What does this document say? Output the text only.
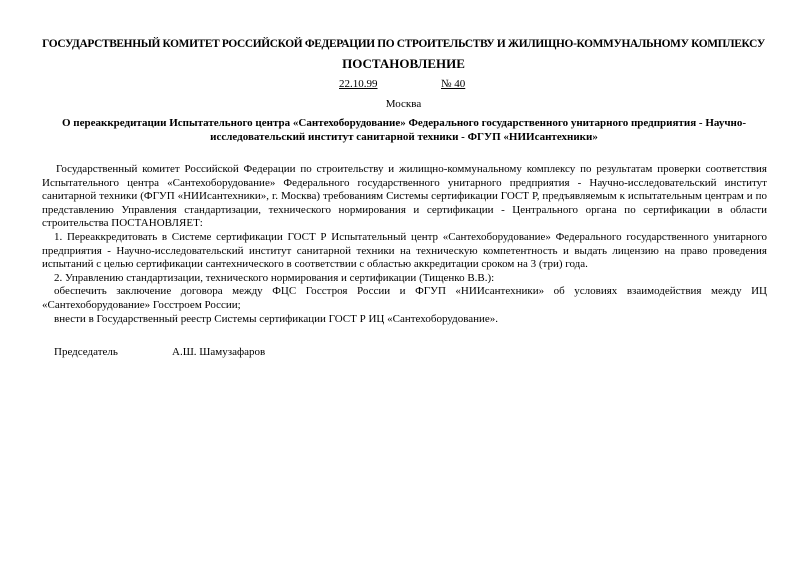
ГОСУДАРСТВЕННЫЙ КОМИТЕТ РОССИЙСКОЙ ФЕДЕРАЦИИ ПО СТРОИТЕЛЬСТВУ И ЖИЛИЩНО-КОММУНАЛЬНОМУ КОМПЛЕКСУ
ПОСТАНОВЛЕНИЕ
22.10.99	№ 40
Москва
О переаккредитации Испытательного центра «Сантехоборудование» Федерального государственного унитарного предприятия - Научно-исследовательский институт санитарной техники - ФГУП «НИИсантехники»

Государственный комитет Российской Федерации по строительству и жилищно-коммунальному комплексу по результатам проверки соответствия Испытательного центра «Сантехоборудование» Федерального государственного унитарного предприятия - Научно-исследовательский институт санитарной техники (ФГУП «НИИсантехники», г. Москва) требованиям Системы сертификации ГОСТ Р, предъявляемым к испытательным центрам и по представлению Управления стандартизации, технического нормирования и сертификации - Центрального органа по сертификации в области строительства ПОСТАНОВЛЯЕТ:

1. Переаккредитовать в Системе сертификации ГОСТ Р Испытательный центр «Сантехоборудование» Федерального государственного унитарного предприятия - Научно-исследовательский институт санитарной техники на техническую компетентность и выдать лицензию на право проведения испытаний с целью сертификации сантехнического в соответствии с областью аккредитации сроком на 3 (три) года.

2. Управлению стандартизации, технического нормирования и сертификации (Тищенко В.В.):

обеспечить заключение договора между ФЦС Госстроя России и ФГУП «НИИсантехники» об условиях взаимодействия между ИЦ «Сантехоборудование» Госстроем России;

внести в Государственный реестр Системы сертификации ГОСТ Р ИЦ «Сантехоборудование».

Председатель	А.Ш. Шамузафаров
